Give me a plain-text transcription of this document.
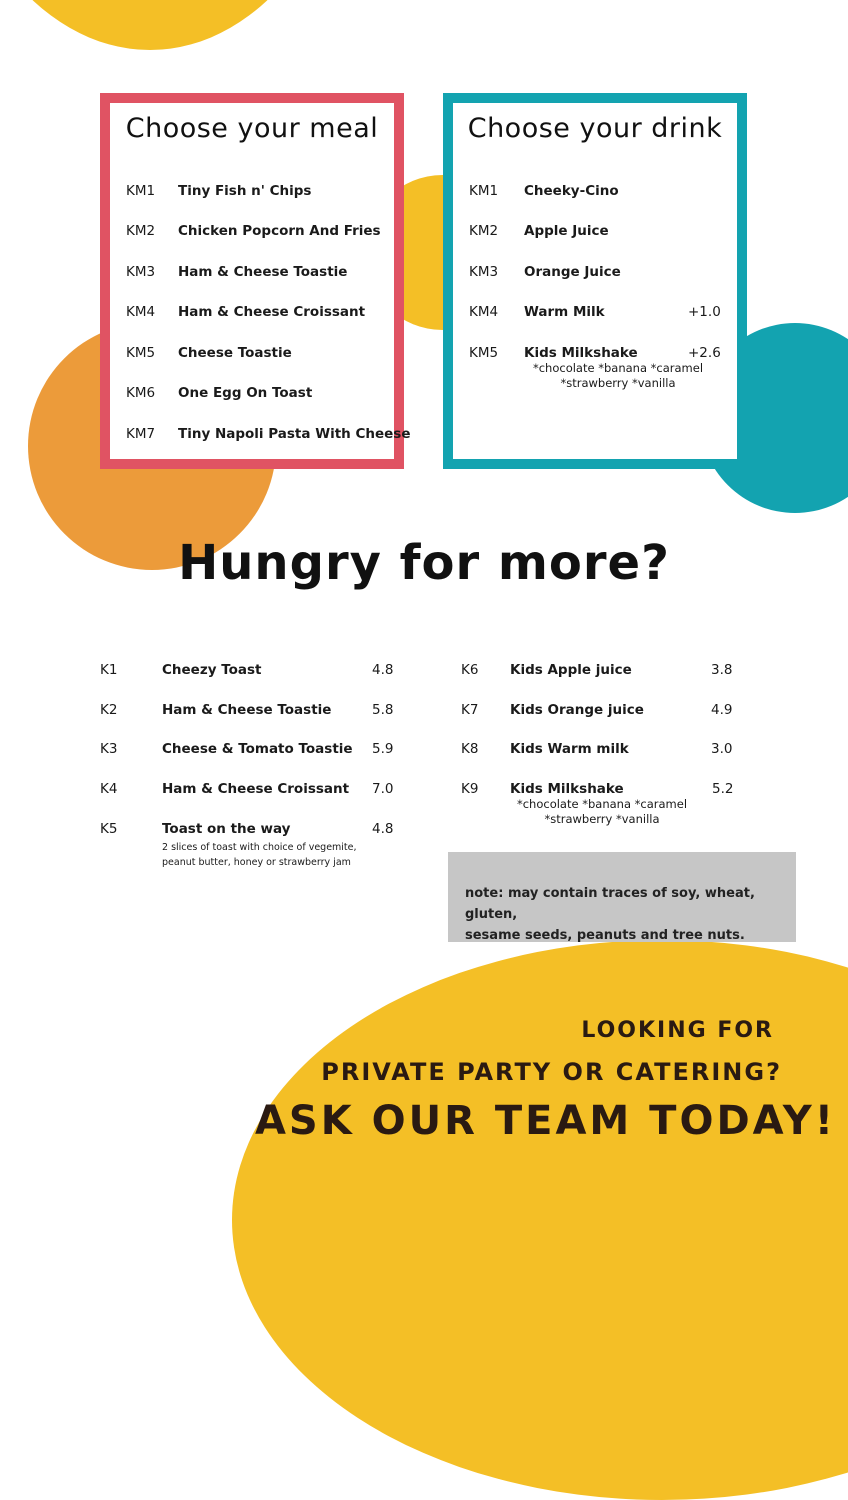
Choose your meal
KM1 Tiny Fish n' Chips
KM2 Chicken Popcorn And Fries
KM3 Ham & Cheese Toastie
KM4 Ham & Cheese Croissant
KM5 Cheese Toastie
KM6 One Egg On Toast
KM7 Tiny Napoli Pasta With Cheese
Choose your drink
KM1 Cheeky-Cino
KM2 Apple Juice
KM3 Orange Juice
KM4 Warm Milk	+1.0
KM5 Kids Milkshake	+2.6
*chocolate *banana *caramel
*strawberry *vanilla
Hungry for more?
K1	Cheezy Toast	4.8
K2	Ham & Cheese Toastie	5.8
K3	Cheese & Tomato Toastie 5.9
K4	Ham & Cheese Croissant 7.0
K5	Toast on the way	4.8
2 slices of toast with choice of vegemite,
peanut butter, honey or strawberry jam
K6 Kids Apple juice	3.8
K7 Kids Orange juice	4.9
K8 Kids Warm milk	3.0
K9 Kids Milkshake	5.2
*chocolate *banana *caramel
*strawberry *vanilla
note: may contain traces of soy, wheat, gluten,
sesame seeds, peanuts and tree nuts.
LOOKING FOR
PRIVATE PARTY OR CATERING?
ASK OUR TEAM TODAY!
